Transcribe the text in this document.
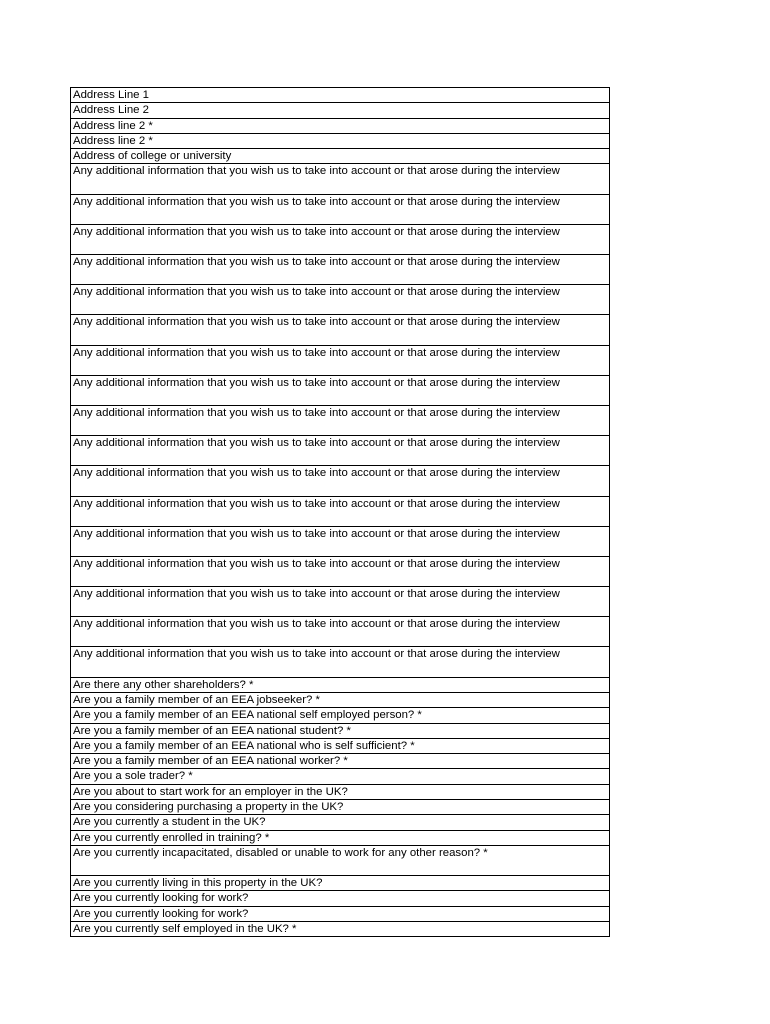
Address Line 1
Address Line 2
Address line 2 *
Address line 2 *
Address of college or university
Any additional information that you wish us to take into account or that arose during the interview
Any additional information that you wish us to take into account or that arose during the interview
Any additional information that you wish us to take into account or that arose during the interview
Any additional information that you wish us to take into account or that arose during the interview
Any additional information that you wish us to take into account or that arose during the interview
Any additional information that you wish us to take into account or that arose during the interview
Any additional information that you wish us to take into account or that arose during the interview
Any additional information that you wish us to take into account or that arose during the interview
Any additional information that you wish us to take into account or that arose during the interview
Any additional information that you wish us to take into account or that arose during the interview
Any additional information that you wish us to take into account or that arose during the interview
Any additional information that you wish us to take into account or that arose during the interview
Any additional information that you wish us to take into account or that arose during the interview
Any additional information that you wish us to take into account or that arose during the interview
Any additional information that you wish us to take into account or that arose during the interview
Any additional information that you wish us to take into account or that arose during the interview
Any additional information that you wish us to take into account or that arose during the interview
Are there any other shareholders? *
Are you a family member of an EEA jobseeker? *
Are you a family member of an EEA national self employed person? *
Are you a family member of an EEA national student? *
Are you a family member of an EEA national who is self sufficient? *
Are you a family member of an EEA national worker? *
Are you a sole trader? *
Are you about to start work for an employer in the UK?
Are you considering purchasing a property in the UK?
Are you currently a student in the UK?
Are you currently enrolled in training? *
Are you currently incapacitated, disabled or unable to work for any other reason? *
Are you currently living in this property in the UK?
Are you currently looking for work?
Are you currently looking for work?
Are you currently self employed in the UK? *
